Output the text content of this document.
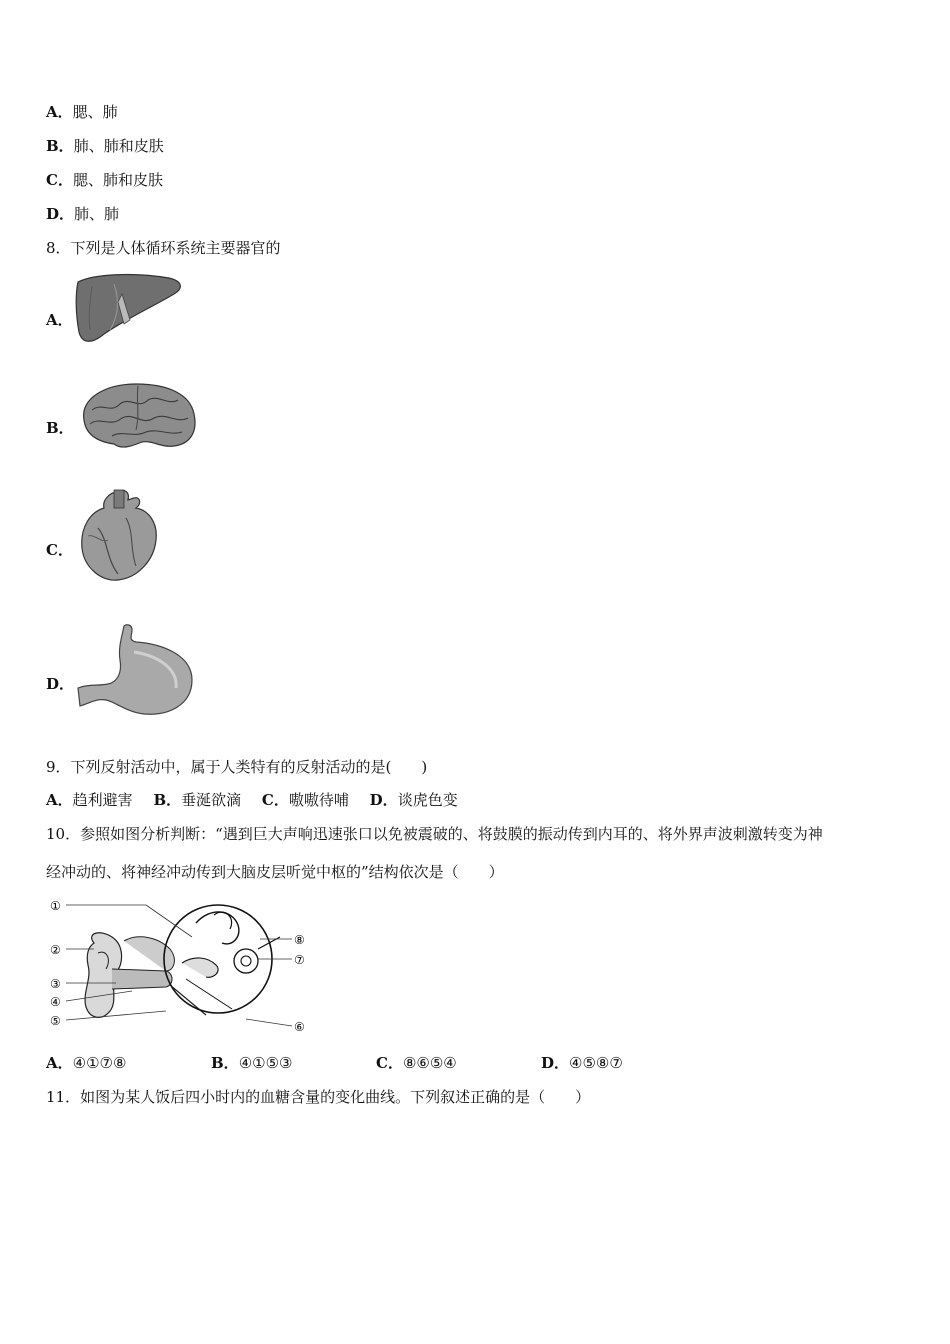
A．腮、肺
B．肺、肺和皮肤
C．腮、肺和皮肤
D．肺、肺
8．下列是人体循环系统主要器官的
A．
B．
C．
D．
9．下列反射活动中，属于人类特有的反射活动的是(　　)
A．趋利避害 B．垂涎欲滴 C．嗷嗷待哺 D．谈虎色变
10．参照如图分析判断：“遇到巨大声响迅速张口以免被震破的、将鼓膜的振动传到内耳的、将外界声波刺激转变为神
经冲动的、将神经冲动传到大脑皮层听觉中枢的”结构依次是（　　）
①
②
③
④
⑤	⑥
⑦
⑧
A．④①⑦⑧	B．④①⑤③	C．⑧⑥⑤④	D．④⑤⑧⑦
11．如图为某人饭后四小时内的血糖含量的变化曲线。下列叙述正确的是（　　）
